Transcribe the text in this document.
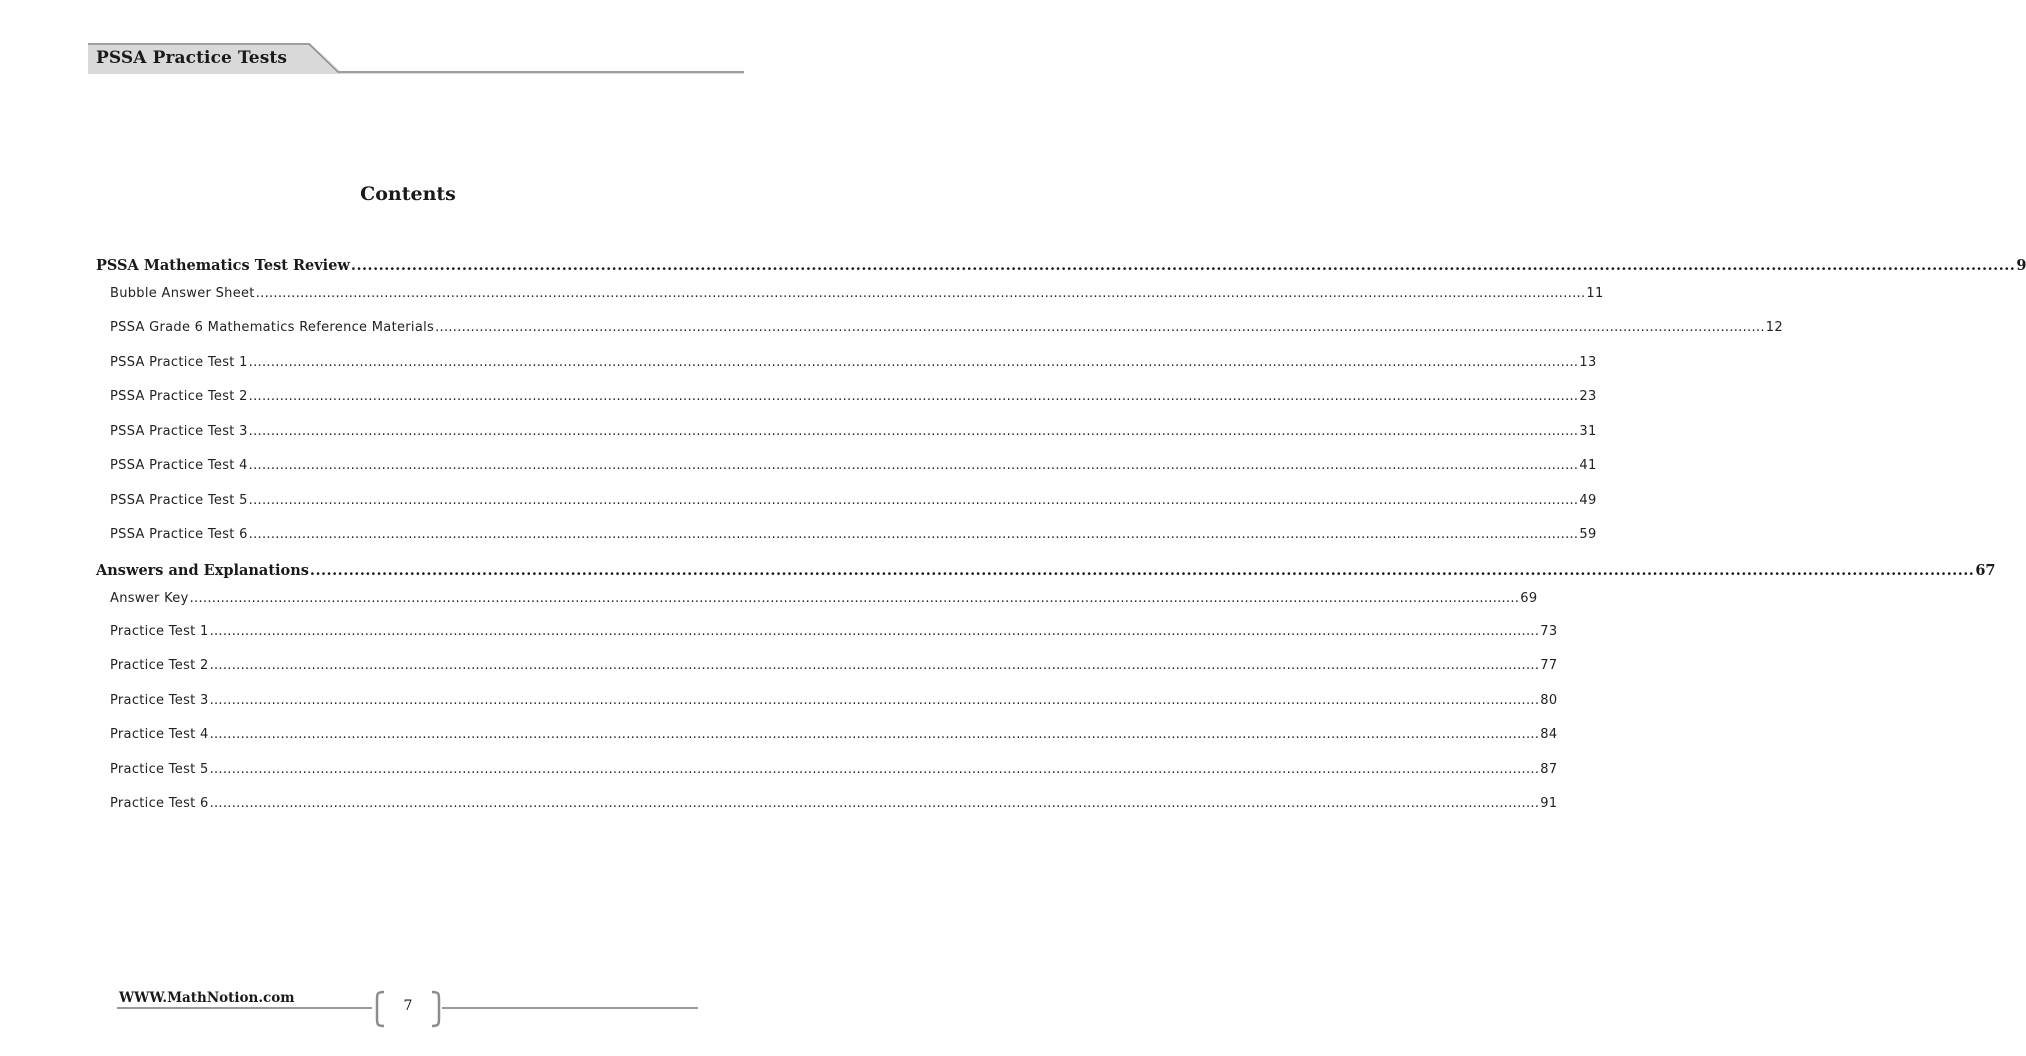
PSSA Practice Tests
Contents
PSSA Mathematics Test Review ............................................................................................................................................................................................................................................................................................................ 9
Bubble Answer Sheet ............................................................................................................................................................................................................................................................................................................ 11
PSSA Grade 6 Mathematics Reference Materials ............................................................................................................................................................................................................................................................................................................ 12
PSSA Practice Test 1 ............................................................................................................................................................................................................................................................................................................ 13
PSSA Practice Test 2 ............................................................................................................................................................................................................................................................................................................ 23
PSSA Practice Test 3 ............................................................................................................................................................................................................................................................................................................ 31
PSSA Practice Test 4 ............................................................................................................................................................................................................................................................................................................ 41
PSSA Practice Test 5 ............................................................................................................................................................................................................................................................................................................ 49
PSSA Practice Test 6 ............................................................................................................................................................................................................................................................................................................ 59
Answers and Explanations ............................................................................................................................................................................................................................................................................................................ 67
Answer Key ............................................................................................................................................................................................................................................................................................................ 69
Practice Test 1 ............................................................................................................................................................................................................................................................................................................ 73
Practice Test 2 ............................................................................................................................................................................................................................................................................................................ 77
Practice Test 3 ............................................................................................................................................................................................................................................................................................................ 80
Practice Test 4 ............................................................................................................................................................................................................................................................................................................ 84
Practice Test 5 ............................................................................................................................................................................................................................................................................................................ 87
Practice Test 6 ............................................................................................................................................................................................................................................................................................................ 91
WWW.MathNotion.com	7
